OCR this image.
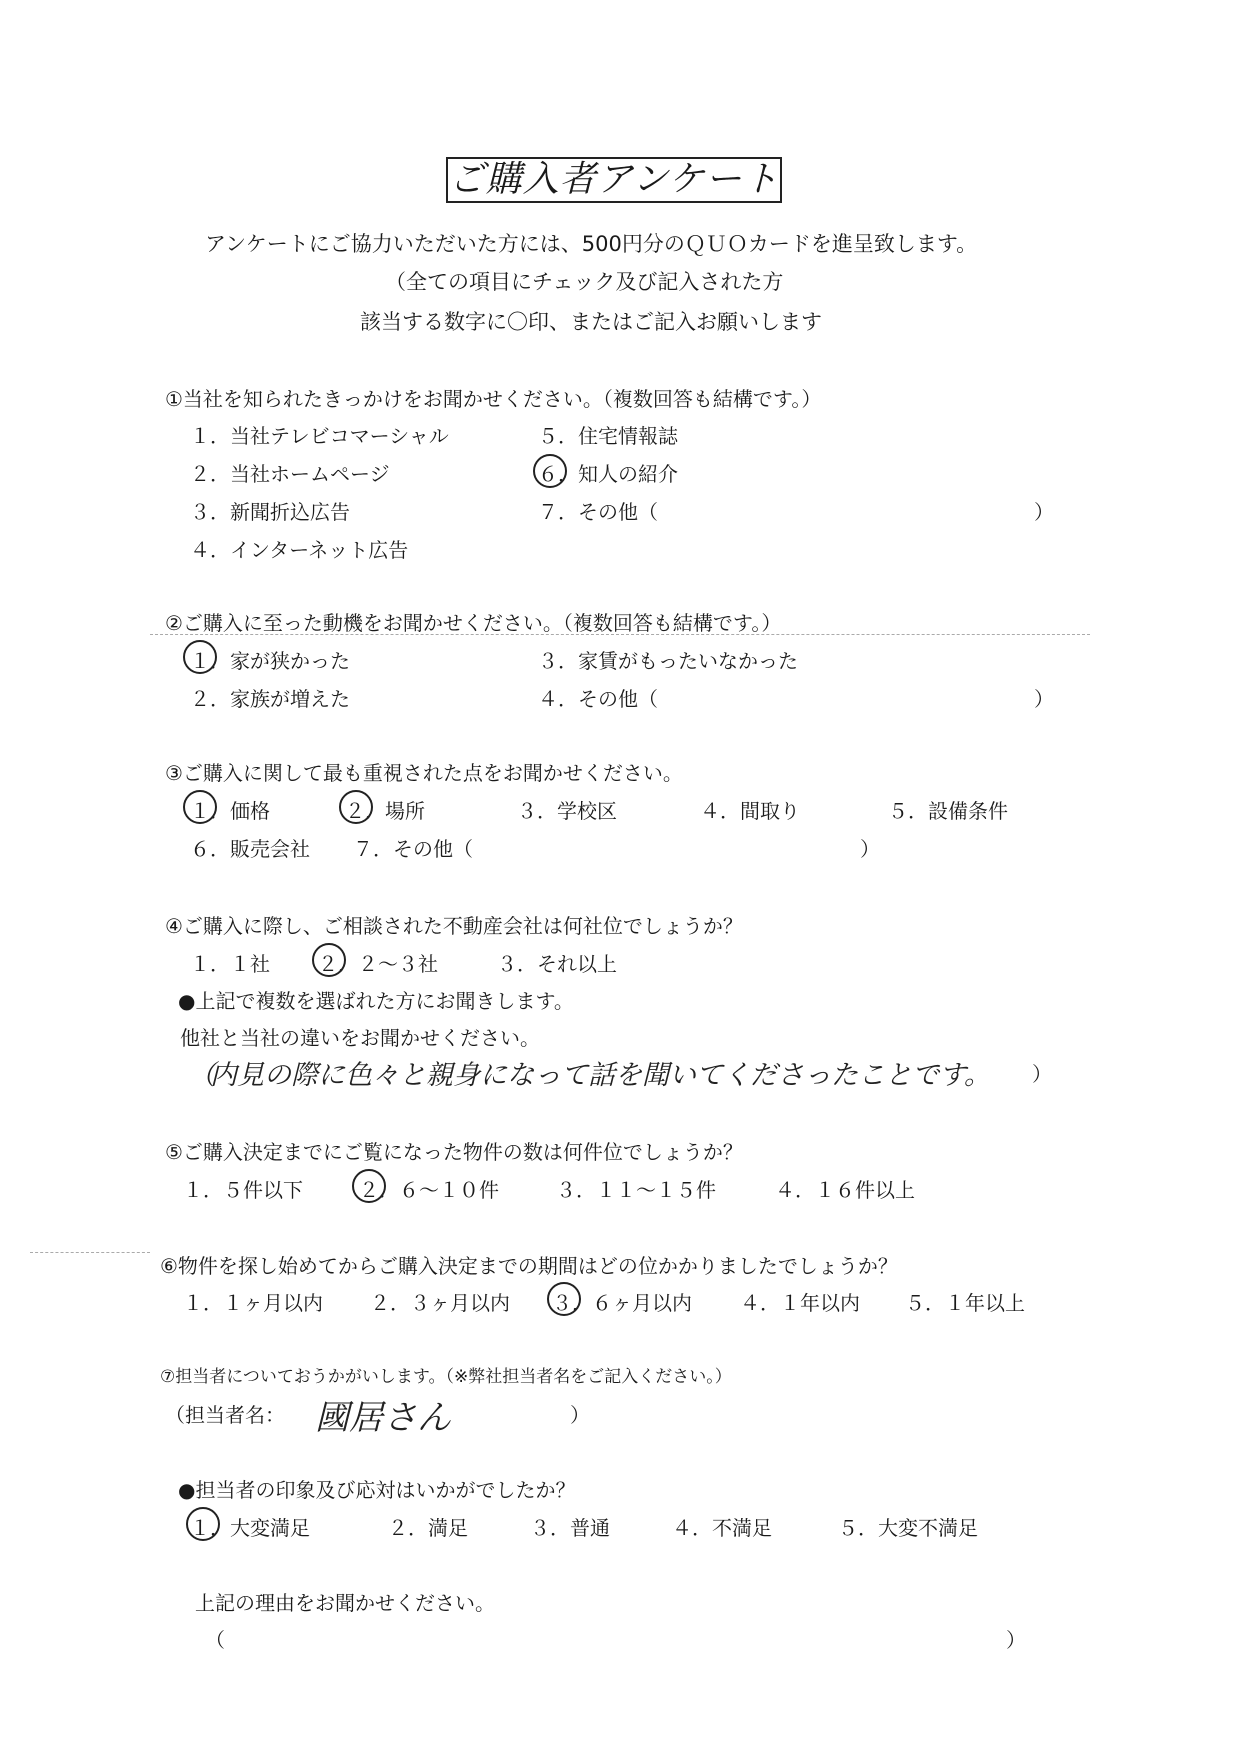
ご購入者アンケート
アンケートにご協力いただいた方には、500円分のＱＵＯカードを進呈致します。
（全ての項目にチェック及び記入された方
該当する数字に〇印、またはご記入お願いします
①当社を知られたきっかけをお聞かせください。（複数回答も結構です。）
１．当社テレビコマーシャル
２．当社ホームページ
３．新聞折込広告
４．インターネット広告
５．住宅情報誌
６．知人の紹介
７．その他（	）
②ご購入に至った動機をお聞かせください。（複数回答も結構です。）
１．家が狭かった
２．家族が増えた
３．家賃がもったいなかった
４．その他（	）
③ご購入に関して最も重視された点をお聞かせください。
１．価格	２．場所	３．学校区	４．間取り	５．設備条件
６．販売会社 ７．その他（	）
④ご購入に際し、ご相談された不動産会社は何社位でしょうか？
１．１社 ２．２～３社	３．それ以上
●上記で複数を選ばれた方にお聞きします。
他社と当社の違いをお聞かせください。
（
内見の際に色々と親身になって話を聞いてくださったことです。 ）
⑤ご購入決定までにご覧になった物件の数は何件位でしょうか？
１．５件以下	２．６～１０件	３．１１～１５件	４．１６件以上
⑥物件を探し始めてからご購入決定までの期間はどの位かかりましたでしょうか？
１．１ヶ月以内 ２．３ヶ月以内 ３．６ヶ月以内 ４．１年以内 ５．１年以上
⑦担当者についておうかがいします。（※弊社担当者名をご記入ください。）
（担当者名： 國居さん	）
●担当者の印象及び応対はいかがでしたか？
１．大変満足	２．満足	３．普通	４．不満足	５．大変不満足
上記の理由をお聞かせください。
（	）
